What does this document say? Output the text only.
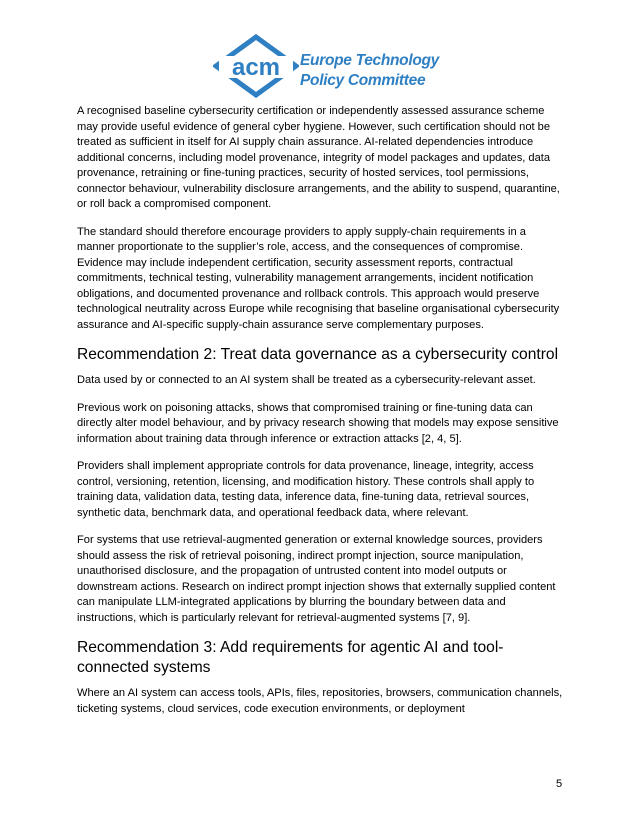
acm Europe Technology
Policy Committee

A recognised baseline cybersecurity certification or independently assessed assurance scheme may provide useful evidence of general cyber hygiene. However, such certification should not be treated as sufficient in itself for AI supply chain assurance. AI-related dependencies introduce additional concerns, including model provenance, integrity of model packages and updates, data provenance, retraining or fine-tuning practices, security of hosted services, tool permissions, connector behaviour, vulnerability disclosure arrangements, and the ability to suspend, quarantine, or roll back a compromised component.

The standard should therefore encourage providers to apply supply-chain requirements in a manner proportionate to the supplier’s role, access, and the consequences of compromise. Evidence may include independent certification, security assessment reports, contractual commitments, technical testing, vulnerability management arrangements, incident notification obligations, and documented provenance and rollback controls. This approach would preserve technological neutrality across Europe while recognising that baseline organisational cybersecurity assurance and AI-specific supply-chain assurance serve complementary purposes.

Recommendation 2: Treat data governance as a cybersecurity control

Data used by or connected to an AI system shall be treated as a cybersecurity-relevant asset.

Previous work on poisoning attacks, shows that compromised training or fine-tuning data can directly alter model behaviour, and by privacy research showing that models may expose sensitive information about training data through inference or extraction attacks [2, 4, 5].

Providers shall implement appropriate controls for data provenance, lineage, integrity, access control, versioning, retention, licensing, and modification history. These controls shall apply to training data, validation data, testing data, inference data, fine-tuning data, retrieval sources, synthetic data, benchmark data, and operational feedback data, where relevant.

For systems that use retrieval-augmented generation or external knowledge sources, providers should assess the risk of retrieval poisoning, indirect prompt injection, source manipulation, unauthorised disclosure, and the propagation of untrusted content into model outputs or downstream actions. Research on indirect prompt injection shows that externally supplied content can manipulate LLM-integrated applications by blurring the boundary between data and instructions, which is particularly relevant for retrieval-augmented systems [7, 9].

Recommendation 3: Add requirements for agentic AI and tool-connected systems

Where an AI system can access tools, APIs, files, repositories, browsers, communication channels, ticketing systems, cloud services, code execution environments, or deployment

5
